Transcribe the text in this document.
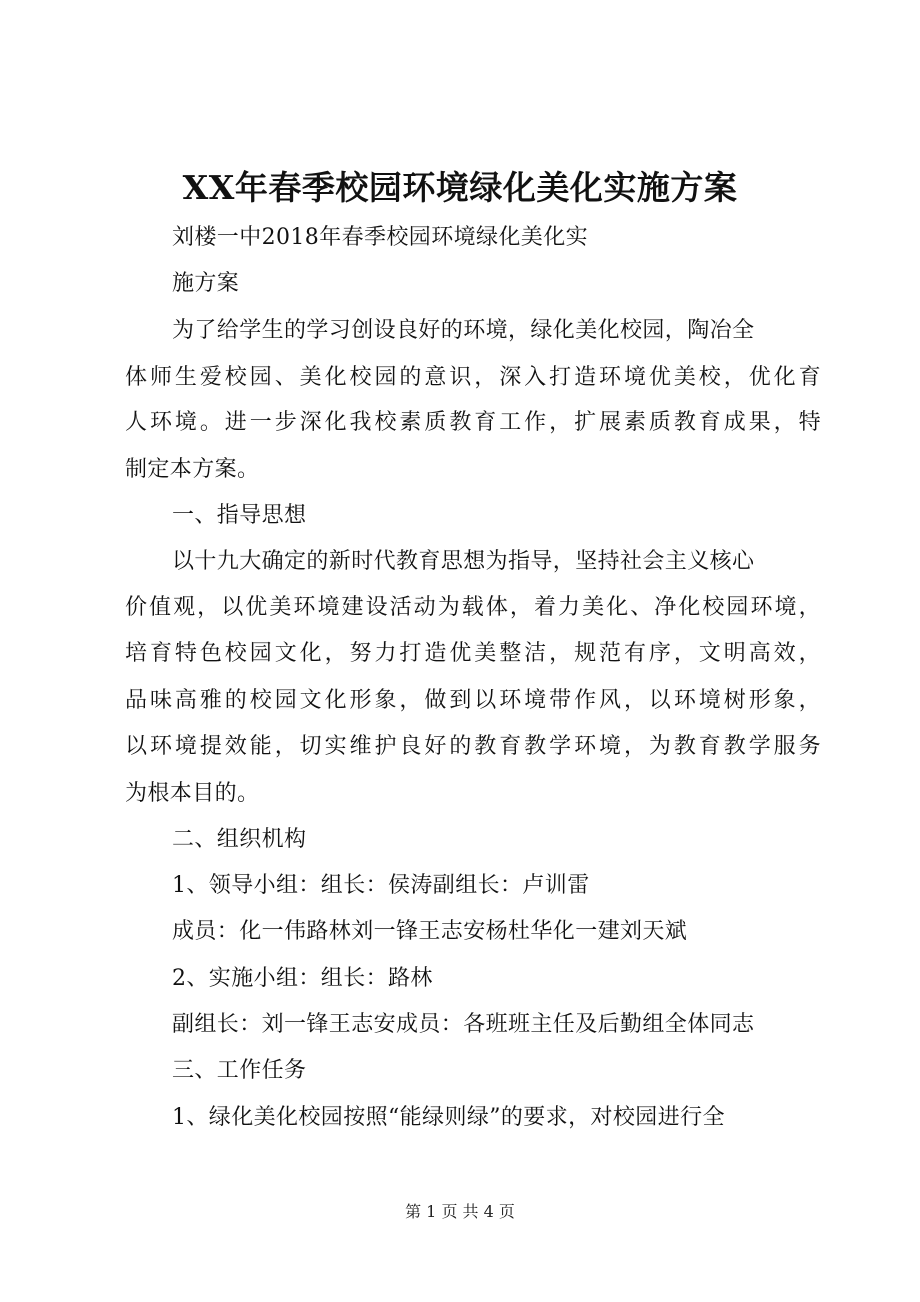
XX年春季校园环境绿化美化实施方案
刘楼一中2018年春季校园环境绿化美化实
施方案
为了给学生的学习创设良好的环境，绿化美化校园，陶冶全
体师生爱校园、美化校园的意识，深入打造环境优美校，优化育
人环境。进一步深化我校素质教育工作，扩展素质教育成果，特
制定本方案。
一、指导思想
以十九大确定的新时代教育思想为指导，坚持社会主义核心
价值观，以优美环境建设活动为载体，着力美化、净化校园环境，
培育特色校园文化，努力打造优美整洁，规范有序，文明高效，
品味高雅的校园文化形象，做到以环境带作风，以环境树形象，
以环境提效能，切实维护良好的教育教学环境，为教育教学服务
为根本目的。
二、组织机构
1、领导小组：组长：侯涛副组长：卢训雷
成员：化一伟路林刘一锋王志安杨杜华化一建刘天斌
2、实施小组：组长：路林
副组长：刘一锋王志安成员：各班班主任及后勤组全体同志
三、工作任务
1、绿化美化校园按照“能绿则绿”的要求，对校园进行全
第 1 页 共 4 页
